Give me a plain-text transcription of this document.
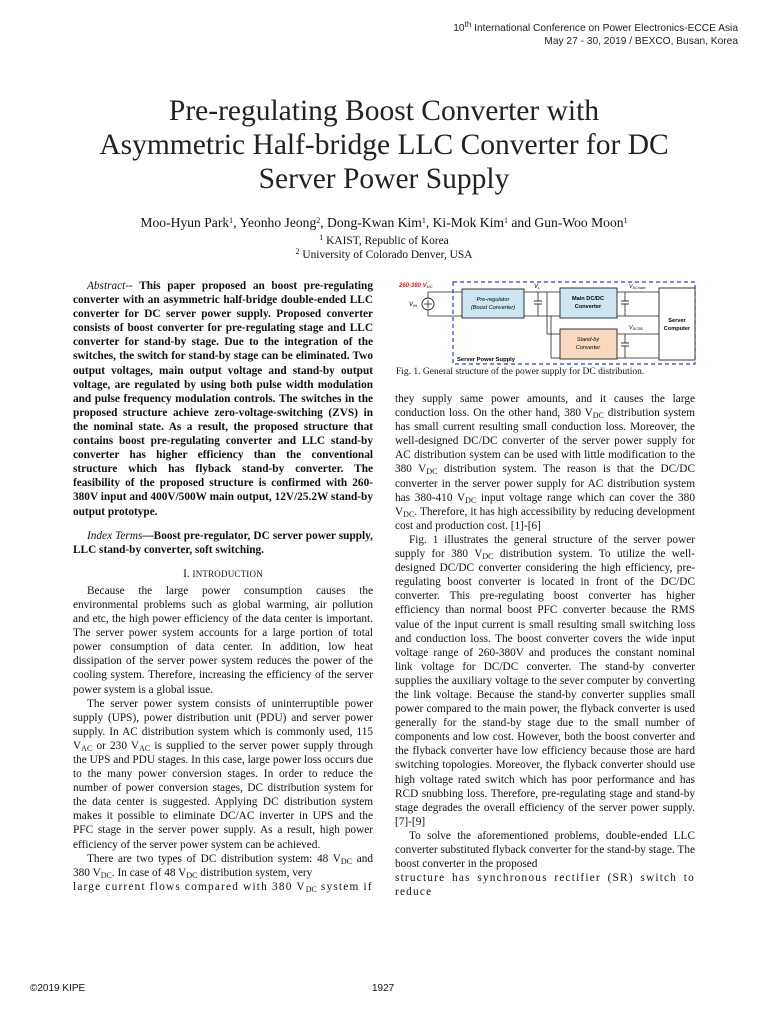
10th International Conference on Power Electronics-ECCE Asia
May 27 - 30, 2019 / BEXCO, Busan, Korea
Pre-regulating Boost Converter with
Asymmetric Half-bridge LLC Converter for DC
Server Power Supply
Moo-Hyun Park$^1$, Yeonho Jeong$^2$, Dong-Kwan Kim$^1$, Ki-Mok Kim$^1$ and Gun-Woo Moon$^1$
$^1$ KAIST, Republic of Korea
$^2$ University of Colorado Denver, USA

Abstract-- This paper proposed an boost pre-regulating converter with an asymmetric half-bridge double-ended LLC converter for DC server power supply. Proposed converter consists of boost converter for pre-regulating stage and LLC converter for stand-by stage. Due to the integration of the switches, the switch for stand-by stage can be eliminated. Two output voltages, main output voltage and stand-by output voltage, are regulated by using both pulse width modulation and pulse frequency modulation controls. The switches in the proposed structure achieve zero-voltage-switching (ZVS) in the nominal state. As a result, the proposed structure that contains boost pre-regulating converter and LLC stand-by converter has higher efficiency than the conventional structure which has flyback stand-by converter. The feasibility of the proposed structure is confirmed with 260-380V input and 400V/500W main output, 12V/25.2W stand-by output prototype.

Index Terms—Boost pre-regulator, DC server power supply, LLC stand-by converter, soft switching.

I. INTRODUCTION

Because the large power consumption causes the environmental problems such as global warming, air pollution and etc, the high power efficiency of the data center is important. The server power system accounts for a large portion of total power consumption of data center. In addition, low heat dissipation of the server power system reduces the power of the cooling system. Therefore, increasing the efficiency of the server power system is a global issue.

The server power system consists of uninterruptible power supply (UPS), power distribution unit (PDU) and server power supply. In AC distribution system which is commonly used, 115 $V_{AC}$ or 230 $V_{AC}$ is supplied to the server power supply through the UPS and PDU stages. In this case, large power loss occurs due to the many power conversion stages. In order to reduce the number of power conversion stages, DC distribution system for the data center is suggested. Applying DC distribution system makes it possible to eliminate DC/AC inverter in UPS and the PFC stage in the server power supply. As a result, high power efficiency of the server power system can be achieved.

There are two types of DC distribution system: 48 $V_{DC}$ and 380 $V_{DC}$. In case of 48 $V_{DC}$ distribution system, very
large current flows compared with 380 $V_{DC}$ system if

260-380 VDC
VIN
Pre-regulator
(Boost Converter)
VL
Main DC/DC
Converter
Stand-by
Converter
VDCmain
VDCSB
Server
Computer
Server Power Supply
Fig. 1. General structure of the power supply for DC distribution.

they supply same power amounts, and it causes the large conduction loss. On the other hand, 380 $V_{DC}$ distribution system has small current resulting small conduction loss. Moreover, the well-designed DC/DC converter of the server power supply for AC distribution system can be used with little modification to the 380 $V_{DC}$ distribution system. The reason is that the DC/DC converter in the server power supply for AC distribution system has 380-410 $V_{DC}$ input voltage range which can cover the 380 $V_{DC}$. Therefore, it has high accessibility by reducing development cost and production cost. [1]-[6]

Fig. 1 illustrates the general structure of the server power supply for 380 $V_{DC}$ distribution system. To utilize the well-designed DC/DC converter considering the high efficiency, pre-regulating boost converter is located in front of the DC/DC converter. This pre-regulating boost converter has higher efficiency than normal boost PFC converter because the RMS value of the input current is small resulting small switching loss and conduction loss. The boost converter covers the wide input voltage range of 260-380V and produces the constant nominal link voltage for DC/DC converter. The stand-by converter supplies the auxiliary voltage to the sever computer by converting the link voltage. Because the stand-by converter supplies small power compared to the main power, the flyback converter is used generally for the stand-by stage due to the small number of components and low cost. However, both the boost converter and the flyback converter have low efficiency because those are hard switching topologies. Moreover, the flyback converter should use high voltage rated switch which has poor performance and has RCD snubbing loss. Therefore, pre-regulating stage and stand-by stage degrades the overall efficiency of the server power supply. [7]-[9]

To solve the aforementioned problems, double-ended LLC converter substituted flyback converter for the stand-by stage. The boost converter in the proposed
structure has synchronous rectifier (SR) switch to reduce

©2019 KIPE	1927
